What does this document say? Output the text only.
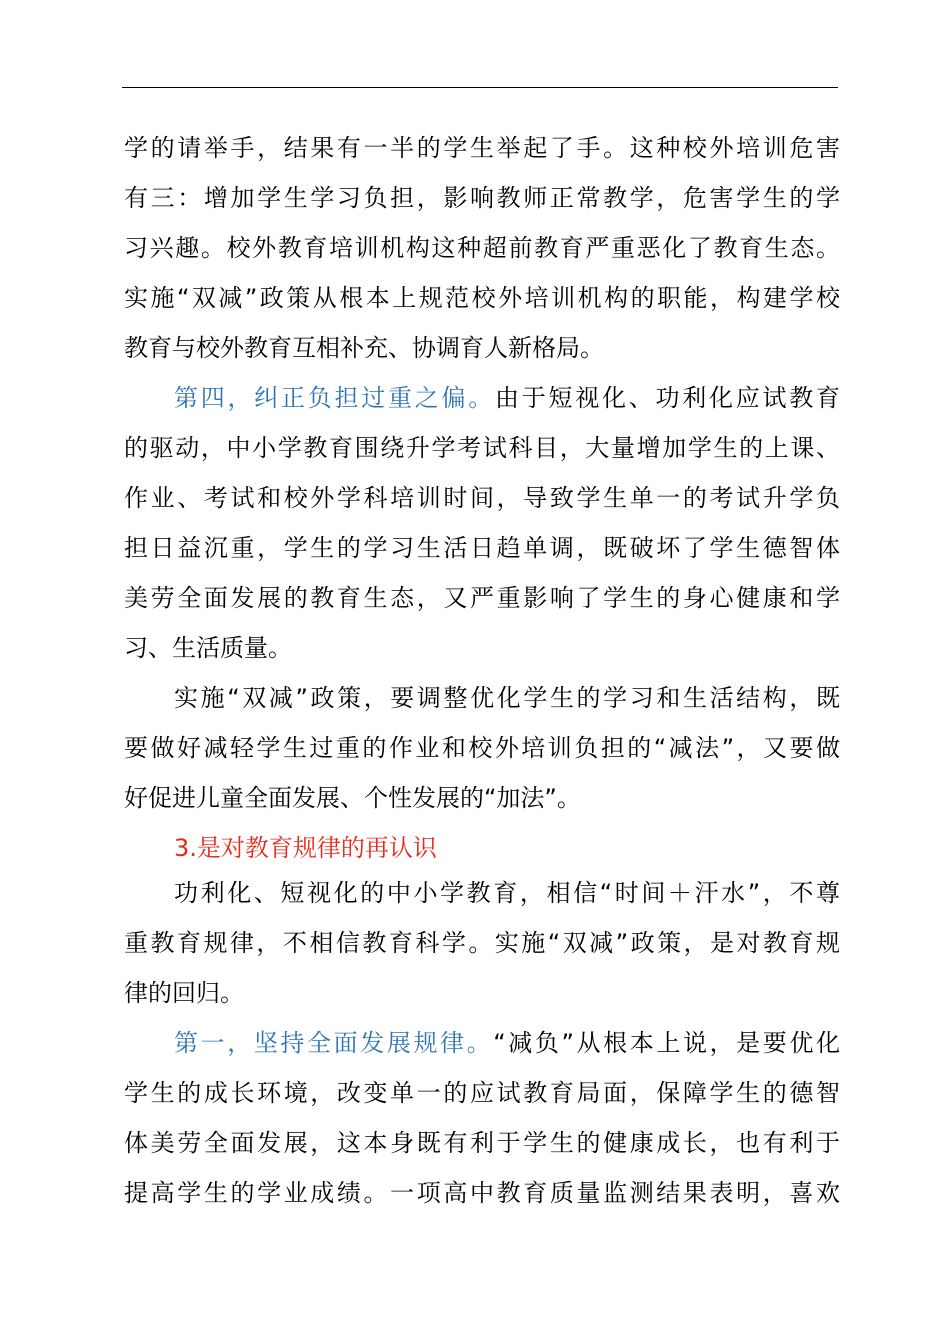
学的请举手，结果有一半的学生举起了手。这种校外培训危害
有三：增加学生学习负担，影响教师正常教学，危害学生的学
习兴趣。校外教育培训机构这种超前教育严重恶化了教育生态。
实施“双减”政策从根本上规范校外培训机构的职能，构建学校
教育与校外教育互相补充、协调育人新格局。
第四，纠正负担过重之偏。由于短视化、功利化应试教育
的驱动，中小学教育围绕升学考试科目，大量增加学生的上课、
作业、考试和校外学科培训时间，导致学生单一的考试升学负
担日益沉重，学生的学习生活日趋单调，既破坏了学生德智体
美劳全面发展的教育生态，又严重影响了学生的身心健康和学
习、生活质量。
实施“双减”政策，要调整优化学生的学习和生活结构，既
要做好减轻学生过重的作业和校外培训负担的“减法”，又要做
好促进儿童全面发展、个性发展的“加法”。
3.是对教育规律的再认识
功利化、短视化的中小学教育，相信“时间＋汗水”，不尊
重教育规律，不相信教育科学。实施“双减”政策，是对教育规
律的回归。
第一，坚持全面发展规律。“减负”从根本上说，是要优化
学生的成长环境，改变单一的应试教育局面，保障学生的德智
体美劳全面发展，这本身既有利于学生的健康成长，也有利于
提高学生的学业成绩。一项高中教育质量监测结果表明，喜欢
